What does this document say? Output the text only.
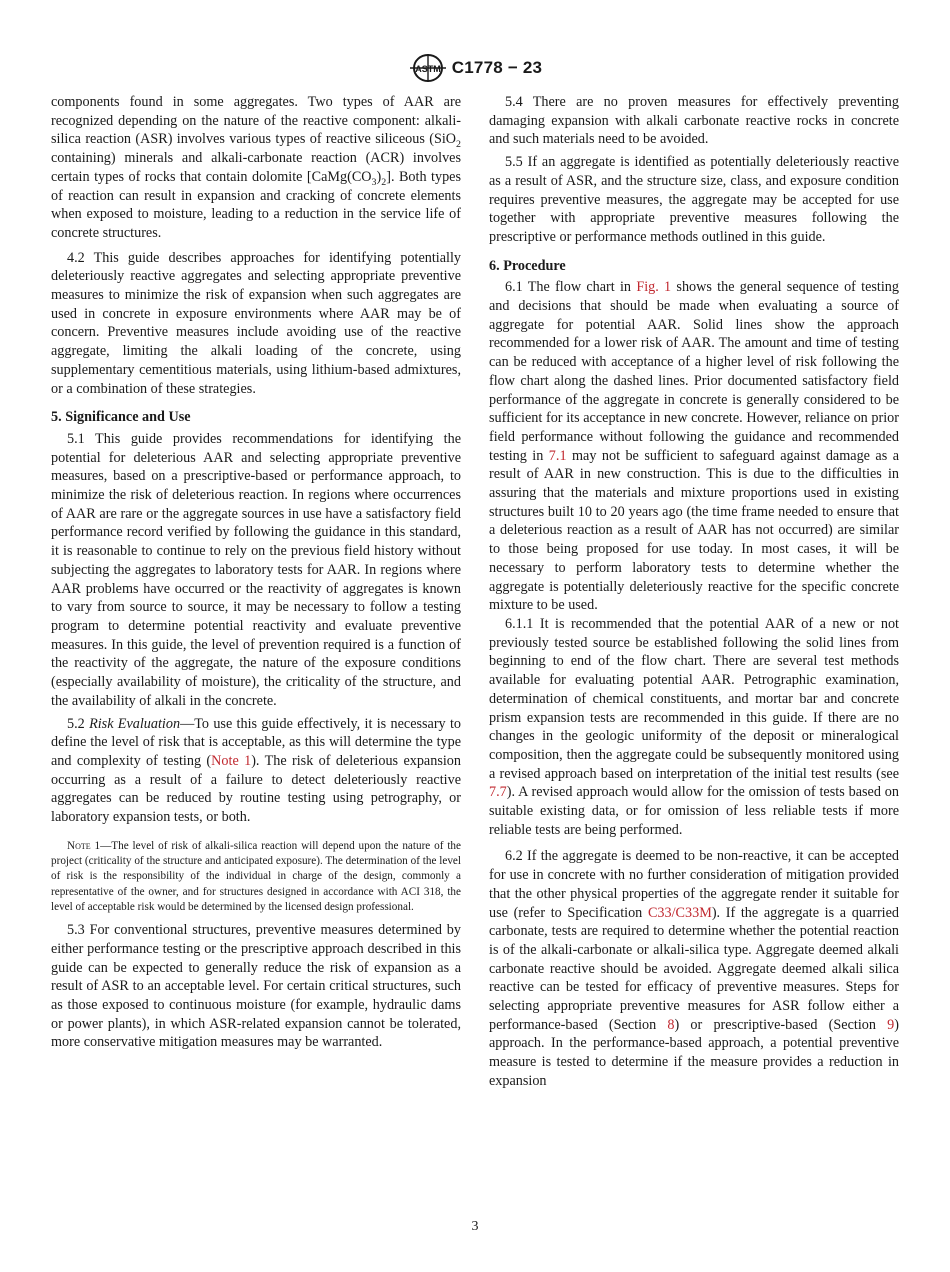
ASTM C1778 − 23

components found in some aggregates. Two types of AAR are recognized depending on the nature of the reactive component: alkali-silica reaction (ASR) involves various types of reactive siliceous (SiO$_2$ containing) minerals and alkali-carbonate reaction (ACR) involves certain types of rocks that contain dolomite $[CaMg(CO_3)_2]$. Both types of reaction can result in expansion and cracking of concrete elements when exposed to moisture, leading to a reduction in the service life of concrete structures.

4.2 This guide describes approaches for identifying potentially deleteriously reactive aggregates and selecting appropriate preventive measures to minimize the risk of expansion when such aggregates are used in concrete in exposure environments where AAR may be of concern. Preventive measures include avoiding use of the reactive aggregate, limiting the alkali loading of the concrete, using supplementary cementitious materials, using lithium-based admixtures, or a combination of these strategies.

5. Significance and Use

5.1 This guide provides recommendations for identifying the potential for deleterious AAR and selecting appropriate preventive measures, based on a prescriptive-based or performance approach, to minimize the risk of deleterious reaction. In regions where occurrences of AAR are rare or the aggregate sources in use have a satisfactory field performance record verified by following the guidance in this standard, it is reasonable to continue to rely on the previous field history without subjecting the aggregates to laboratory tests for AAR. In regions where AAR problems have occurred or the reactivity of aggregates is known to vary from source to source, it may be necessary to follow a testing program to determine potential reactivity and evaluate preventive measures. In this guide, the level of prevention required is a function of the reactivity of the aggregate, the nature of the exposure conditions (especially availability of moisture), the criticality of the structure, and the availability of alkali in the concrete.

5.2 Risk Evaluation—To use this guide effectively, it is necessary to define the level of risk that is acceptable, as this will determine the type and complexity of testing (Note 1). The risk of deleterious expansion occurring as a result of a failure to detect deleteriously reactive aggregates can be reduced by routine testing using petrography, or laboratory expansion tests, or both.

Note 1—The level of risk of alkali-silica reaction will depend upon the nature of the project (criticality of the structure and anticipated exposure). The determination of the level of risk is the responsibility of the individual in charge of the design, commonly a representative of the owner, and for structures designed in accordance with ACI 318, the level of acceptable risk would be determined by the licensed design professional.

5.3 For conventional structures, preventive measures determined by either performance testing or the prescriptive approach described in this guide can be expected to generally reduce the risk of expansion as a result of ASR to an acceptable level. For certain critical structures, such as those exposed to continuous moisture (for example, hydraulic dams or power plants), in which ASR-related expansion cannot be tolerated, more conservative mitigation measures may be warranted.

5.4 There are no proven measures for effectively preventing damaging expansion with alkali carbonate reactive rocks in concrete and such materials need to be avoided.

5.5 If an aggregate is identified as potentially deleteriously reactive as a result of ASR, and the structure size, class, and exposure condition requires preventive measures, the aggregate may be accepted for use together with appropriate preventive measures following the prescriptive or performance methods outlined in this guide.

6. Procedure

6.1 The flow chart in Fig. 1 shows the general sequence of testing and decisions that should be made when evaluating a source of aggregate for potential AAR. Solid lines show the approach recommended for a lower risk of AAR. The amount and time of testing can be reduced with acceptance of a higher level of risk following the flow chart along the dashed lines. Prior documented satisfactory field performance of the aggregate in concrete is generally considered to be sufficient for its acceptance in new concrete. However, reliance on prior field performance without following the guidance and recommended testing in 7.1 may not be sufficient to safeguard against damage as a result of AAR in new construction. This is due to the difficulties in assuring that the materials and mixture proportions used in existing structures built 10 to 20 years ago (the time frame needed to ensure that a deleterious reaction as a result of AAR has not occurred) are similar to those being proposed for use today. In most cases, it will be necessary to perform laboratory tests to determine whether the aggregate is potentially deleteriously reactive for the specific concrete mixture to be used.

6.1.1 It is recommended that the potential AAR of a new or not previously tested source be established following the solid lines from beginning to end of the flow chart. There are several test methods available for evaluating potential AAR. Petrographic examination, determination of chemical constituents, and mortar bar and concrete prism expansion tests are recommended in this guide. If there are no changes in the geologic uniformity of the deposit or mineralogical composition, then the aggregate could be subsequently monitored using a revised approach based on interpretation of the initial test results (see 7.7). A revised approach would allow for the omission of tests based on suitable existing data, or for omission of less reliable tests if more reliable tests are being performed.

6.2 If the aggregate is deemed to be non-reactive, it can be accepted for use in concrete with no further consideration of mitigation provided that the other physical properties of the aggregate render it suitable for use (refer to Specification C33/C33M). If the aggregate is a quarried carbonate, tests are required to determine whether the potential reaction is of the alkali-carbonate or alkali-silica type. Aggregate deemed alkali carbonate reactive should be avoided. Aggregate deemed alkali silica reactive can be tested for efficacy of preventive measures. Steps for selecting appropriate preventive measures for ASR follow either a performance-based (Section 8) or prescriptive-based (Section 9) approach. In the performance-based approach, a potential preventive measure is tested to determine if the measure provides a reduction in expansion

3
